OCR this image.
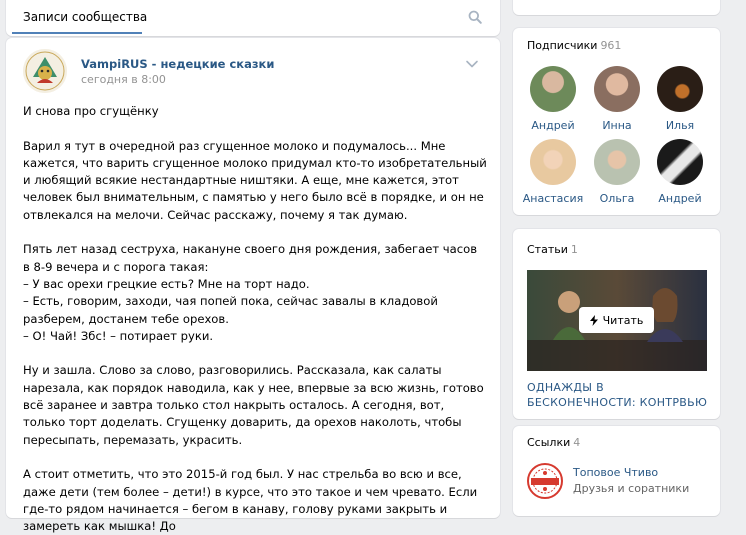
Записи сообщества
VampiRUS - недецкие сказки
сегодня в 8:00
И снова про сгущёнку

Варил я тут в очередной раз сгущенное молоко и подумалось... Мне кажется, что варить сгущенное молоко придумал кто-то изобретательный и любящий всякие нестандартные ништяки. А еще, мне кажется, этот человек был внимательным, с памятью у него было всё в порядке, и он не отвлекался на мелочи. Сейчас расскажу, почему я так думаю.

Пять лет назад сеструха, накануне своего дня рождения, забегает часов в 8-9 вечера и с порога такая:
– У вас орехи грецкие есть? Мне на торт надо.
– Есть, говорим, заходи, чая попей пока, сейчас завалы в кладовой разберем, достанем тебе орехов.
– О! Чай! Збс! – потирает руки.

Ну и зашла. Слово за слово, разговорились. Рассказала, как салаты нарезала, как порядок наводила, как у нее, впервые за всю жизнь, готово всё заранее и завтра только стол накрыть осталось. А сегодня, вот, только торт доделать. Сгущенку доварить, да орехов наколоть, чтобы пересыпать, перемазать, украсить.

А стоит отметить, что это 2015-й год был. У нас стрельба во всю и все, даже дети (тем более – дети!) в курсе, что это такое и чем чревато. Если где-то рядом начинается – бегом в канаву, голову руками закрыть и замереть как мышка! До
Подписчики 961
Андрей	Инна	Илья
Анастасия	Ольга	Андрей
Статьи 1
Читать
ОДНАЖДЫ В БЕСКОНЕЧНОСТИ: КОНТРВЬЮ
Ссылки 4
Топовое Чтиво
Друзья и соратники
